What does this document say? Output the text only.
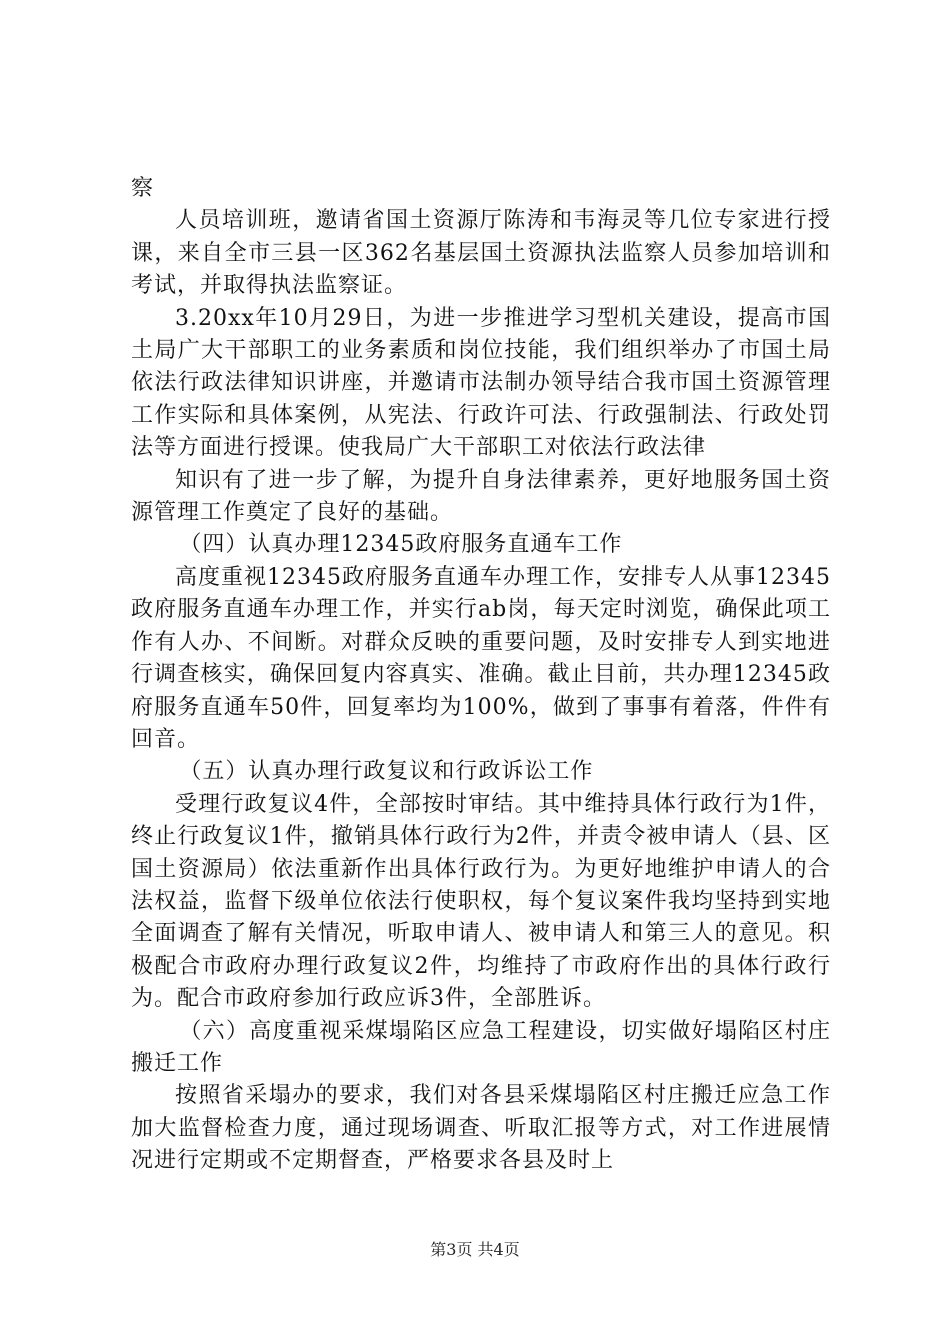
察

人员培训班，邀请省国土资源厅陈涛和韦海灵等几位专家进行授课，来自全市三县一区362名基层国土资源执法监察人员参加培训和考试，并取得执法监察证。

3.20xx年10月29日，为进一步推进学习型机关建设，提高市国土局广大干部职工的业务素质和岗位技能，我们组织举办了市国土局依法行政法律知识讲座，并邀请市法制办领导结合我市国土资源管理工作实际和具体案例，从宪法、行政许可法、行政强制法、行政处罚法等方面进行授课。使我局广大干部职工对依法行政法律

知识有了进一步了解，为提升自身法律素养，更好地服务国土资源管理工作奠定了良好的基础。

（四）认真办理12345政府服务直通车工作

高度重视12345政府服务直通车办理工作，安排专人从事12345政府服务直通车办理工作，并实行ab岗，每天定时浏览，确保此项工作有人办、不间断。对群众反映的重要问题，及时安排专人到实地进行调查核实，确保回复内容真实、准确。截止目前，共办理12345政府服务直通车50件，回复率均为100%，做到了事事有着落，件件有回音。

（五）认真办理行政复议和行政诉讼工作

受理行政复议4件，全部按时审结。其中维持具体行政行为1件，终止行政复议1件，撤销具体行政行为2件，并责令被申请人（县、区国土资源局）依法重新作出具体行政行为。为更好地维护申请人的合法权益，监督下级单位依法行使职权，每个复议案件我均坚持到实地全面调查了解有关情况，听取申请人、被申请人和第三人的意见。积极配合市政府办理行政复议2件，均维持了市政府作出的具体行政行为。配合市政府参加行政应诉3件，全部胜诉。

（六）高度重视采煤塌陷区应急工程建设，切实做好塌陷区村庄搬迁工作

按照省采塌办的要求，我们对各县采煤塌陷区村庄搬迁应急工作加大监督检查力度，通过现场调查、听取汇报等方式，对工作进展情况进行定期或不定期督查，严格要求各县及时上

第3页 共4页
